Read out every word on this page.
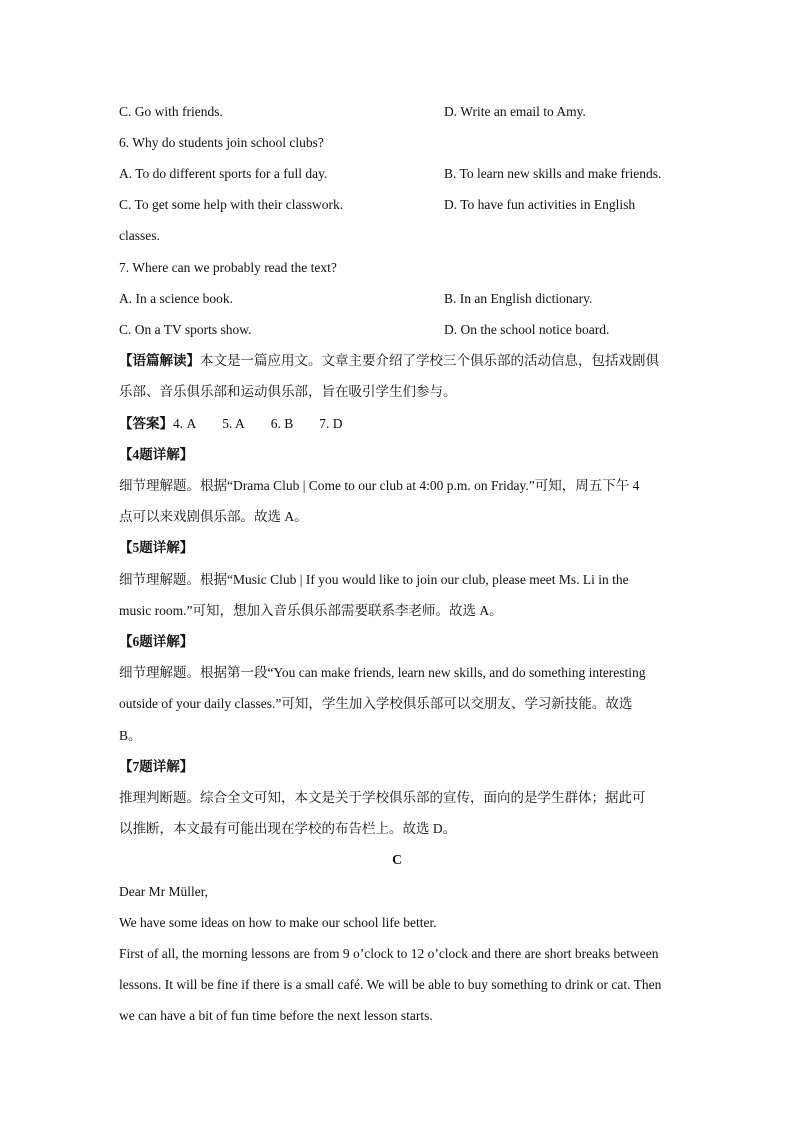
C. Go with friends.	D. Write an email to Amy.
6. Why do students join school clubs?
A. To do different sports for a full day.	B. To learn new skills and make friends.
C. To get some help with their classwork.	D. To have fun activities in English
classes.
7. Where can we probably read the text?
A. In a science book.	B. In an English dictionary.
C. On a TV sports show.	D. On the school notice board.
【语篇解读】本文是一篇应用文。文章主要介绍了学校三个俱乐部的活动信息，包括戏剧俱
乐部、音乐俱乐部和运动俱乐部，旨在吸引学生们参与。
【答案】4. A 5. A 6. B 7. D
【4题详解】
细节理解题。根据“Drama Club | Come to our club at 4:00 p.m. on Friday.”可知，周五下午 4
点可以来戏剧俱乐部。故选 A。
【5题详解】
细节理解题。根据“Music Club | If you would like to join our club, please meet Ms. Li in the
music room.”可知，想加入音乐俱乐部需要联系李老师。故选 A。
【6题详解】
细节理解题。根据第一段“You can make friends, learn new skills, and do something interesting
outside of your daily classes.”可知，学生加入学校俱乐部可以交朋友、学习新技能。故选
B。
【7题详解】
推理判断题。综合全文可知，本文是关于学校俱乐部的宣传，面向的是学生群体；据此可
以推断，本文最有可能出现在学校的布告栏上。故选 D。
C
Dear Mr Müller,
We have some ideas on how to make our school life better.
First of all, the morning lessons are from 9 o’clock to 12 o’clock and there are short breaks between
lessons. It will be fine if there is a small café. We will be able to buy something to drink or cat. Then
we can have a bit of fun time before the next lesson starts.
